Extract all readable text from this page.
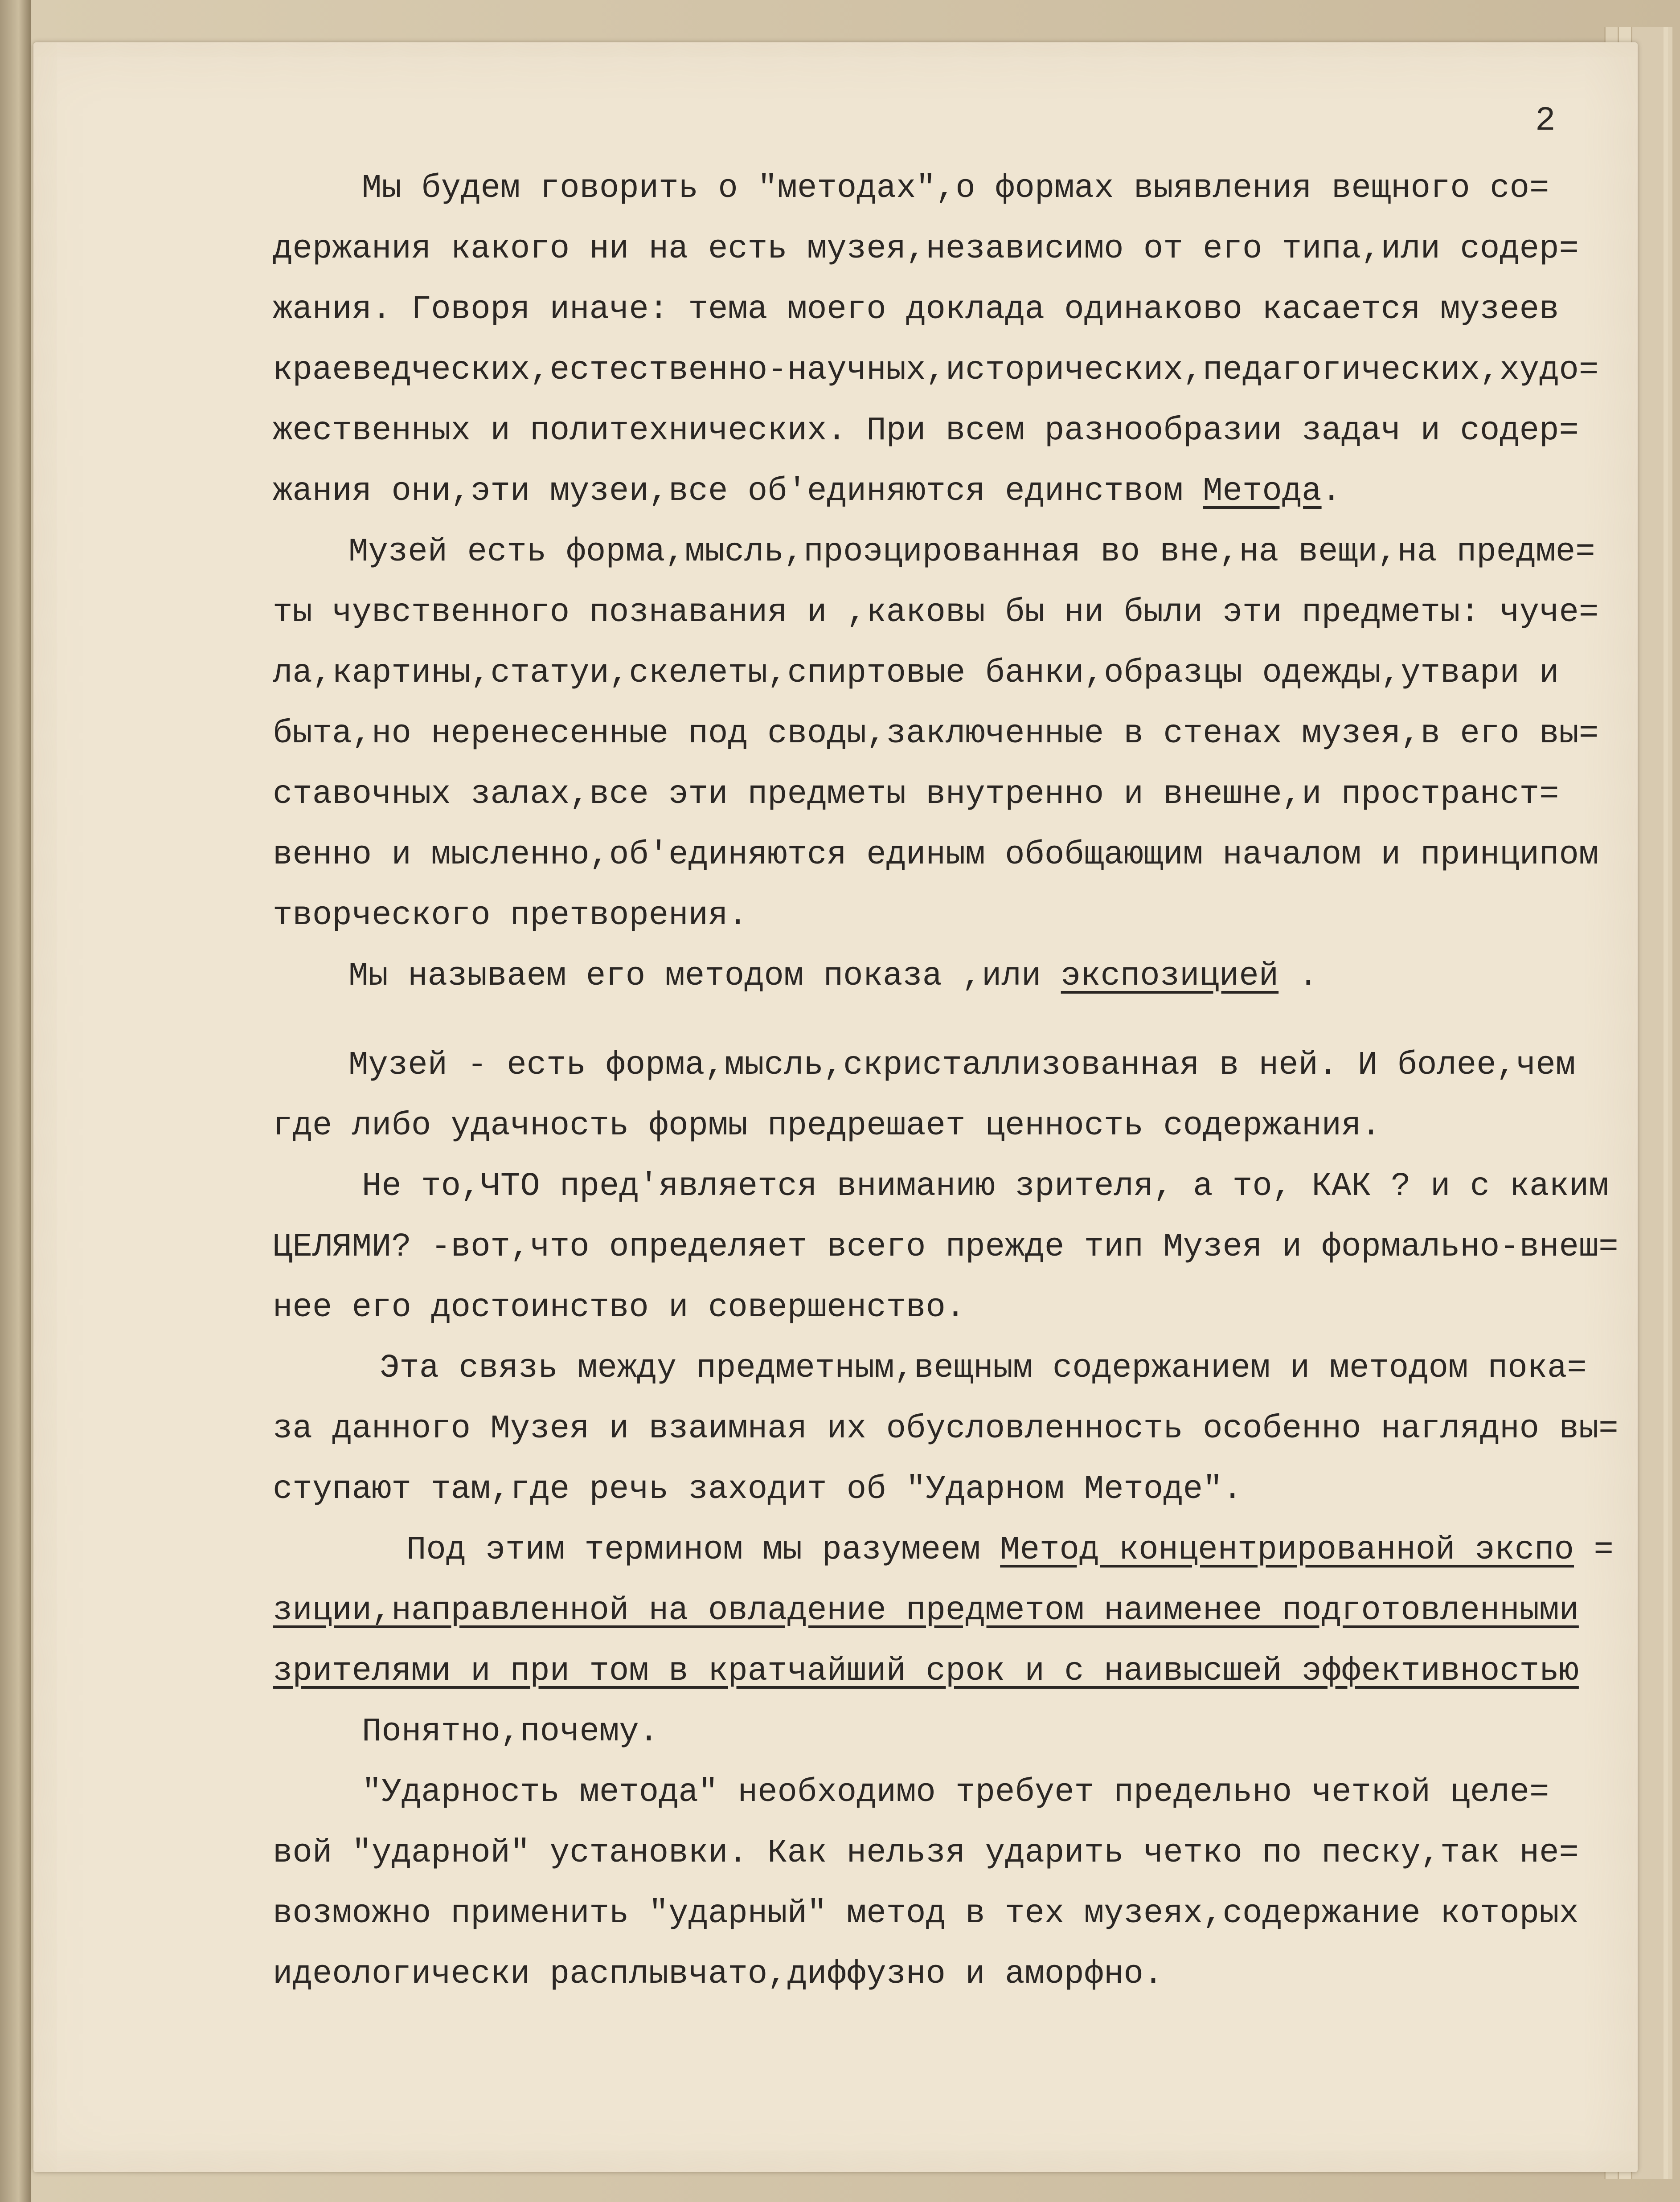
2
Мы будем говорить о "методах",о формах выявления вещного со=
держания какого ни на есть музея,независимо от его типа,или содер=
жания. Говоря иначе: тема моего доклада одинаково касается музеев
краеведческих,естественно-научных,исторических,педагогических,худо=
жественных и политехнических. При всем разнообразии задач и содер=
жания они,эти музеи,все об'единяются единством Метода.
Музей есть форма,мысль,проэцированная во вне,на вещи,на предме=
ты чувственного познавания и ,каковы бы ни были эти предметы: чуче=
ла,картины,статуи,скелеты,спиртовые банки,образцы одежды,утвари и
быта,но нeренесенные под своды,заключенные в стенах музея,в его вы=
ставочныx залах,все эти предметы внутренно и внешне,и пространст=
венно и мысленно,об'единяются единым обобщающим началом и принципом
творческого претворения.
Мы называем его методом показа ,или экспозицией .
Музей - есть форма,мысль,скристаллизованная в ней. И более,чем
где либо удачность формы предрешает ценность содержания.
Не то,ЧТО пред'являeтся вниманию зрителя, а то, КАК ? и с каким
ЦЕЛЯМИ? -вот,что определяет всего прежде тип Музея и формально-внеш=
нее его достоинство и совершенство.
Эта связь между предметным,вещным содержанием и методом пока=
за данного Музея и взаимная их обусловленность особенно наглядно вы=
ступают там,где речь заходит об "Ударном Методе".
Под этим термином мы разумеем Метод концентрированной экспо =
зиции,направленной на овладение предметом наименее подготовленными
зрителями и при том в кратчайший срок и с наивысшей эффективностью
Понятно,почему.
"Ударность метода" необходимо требует предельно четкой целе=
вой "ударной" установки. Как нельзя ударить четко по песку,так не=
возможно применить "ударный" метод в тех музеях,содержание которых
идеологически расплывчато,диффузно и аморфно.
